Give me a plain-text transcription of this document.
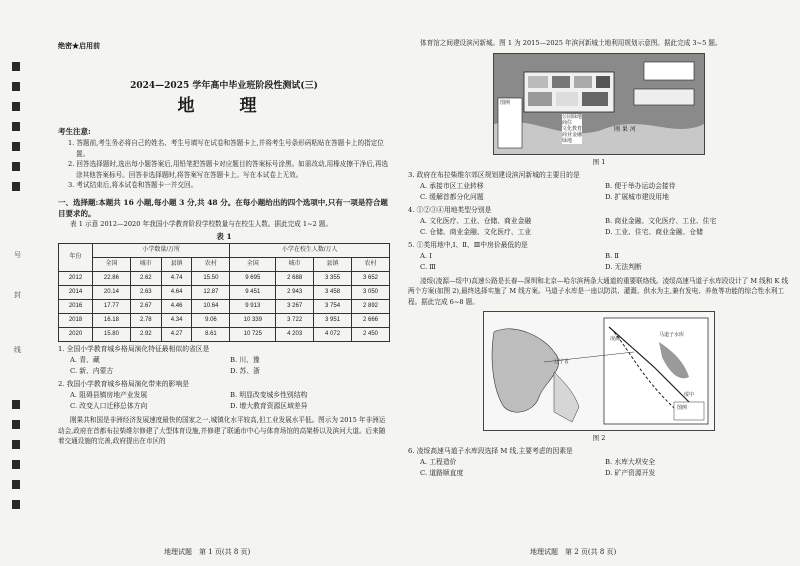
号
封
线
绝密★启用前
2024—2025 学年高中毕业班阶段性测试(三)
地　理
考生注意:
1. 答题前,考生务必将自己的姓名、考生号填写在试卷和答题卡上,并将考生号条形码粘贴在答题卡上的指定位置。
2. 回答选择题时,选出每小题答案后,用铅笔把答题卡对应题目的答案标号涂黑。如需改动,用橡皮擦干净后,再选涂其他答案标号。回答非选择题时,将答案写在答题卡上。写在本试卷上无效。
3. 考试结束后,将本试卷和答题卡一并交回。
一、选择题:本题共 16 小题,每小题 3 分,共 48 分。在每小题给出的四个选项中,只有一项是符合题目要求的。
表 1 示意 2012—2020 年我国小学教育阶段学校数量与在校生人数。据此完成 1~2 题。
表 1
年份	小学数量/万所				小学在校生人数/万人			
	全国	城市	县镇	农村	全国	城市	县镇	农村
2012	22.86	2.62	4.74	15.50	9 695	2 688	3 355	3 652
2014	20.14	2.63	4.64	12.87	9 451	2 943	3 458	3 050
2016	17.77	2.67	4.46	10.64	9 913	3 267	3 754	2 892
2018	16.18	2.78	4.34	9.06	10 339	3 722	3 951	2 666
2020	15.80	2.92	4.27	8.61	10 725	4 203	4 072	2 450
1. 全国小学教育城乡格局演化特征最相似的省区是
A. 青、藏	B. 川、豫
C. 新、内蒙古	D. 苏、浙
2. 我国小学教育城乡格局演化带来的影响是
A. 阻碍县镇房地产业发展	B. 明显改变城乡性别结构
C. 改变人口迁移总体方向	D. 增大教育资源区域差异
刚果共和国是非洲经济发展速度最快的国家之一,城镇化水平较高,但工业发展水平低。图示为 2015 年非洲运动会,政府在首都布拉柴维尔修建了大型体育设施,并修建了联通市中心与体育场馆的高架桥以及滨河大道。后来随着交通设施的完善,政府提出在市区的
地理试题　第 1 页(共 8 页)
体育馆之间建设滨河新城。图 1 为 2015—2025 年滨河新城土地利用规划示意图。据此完成 3~5 题。
图例
公园绿地
商住
文化教育
商业金融
绿地
刚 果 河
图 1
3. 政府在布拉柴维尔郊区规划建设滨河新城的主要目的是
A. 承接市区工业转移	B. 便于举办运动会接待
C. 缓解首都分化问题	D. 扩展城市建设用地
4. ①②③④用地类型分别是
A. 文化医疗、工业、仓储、商业金融	B. 商业金融、文化医疗、工业、住宅
C. 仓储、商业金融、文化医疗、工业	D. 工业、住宅、商业金融、仓储
5. ①类用地中,Ⅰ、Ⅱ、Ⅲ中房价最低的是
A. Ⅰ	B. Ⅱ
C. Ⅲ	D. 无法判断
凌绥(凌源—绥中)高速公路是长春—深圳和北京—哈尔滨两条大通道的重要联络线。凌绥高速马道子水库段设计了 M 线和 K 线两个方案(如图 2),最终选择实施了 M 线方案。马道子水库是一座以防洪、灌溉、供水为主,兼有发电、养鱼等功能的综合性水利工程。据此完成 6~8 题。
马道子水库
凌源
绥中
辽宁省
图例
图 2
6. 凌绥高速马道子水库段选择 M 线,主要考虑的因素是
A. 工程造价	B. 水库大坝安全
C. 道路顺直度	D. 矿产资源开发
地理试题　第 2 页(共 8 页)
